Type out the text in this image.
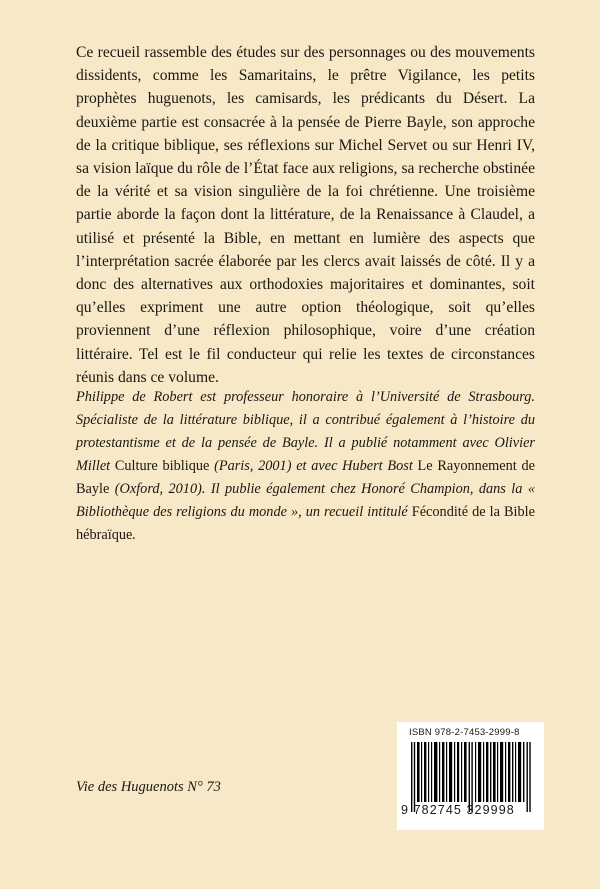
Ce recueil rassemble des études sur des personnages ou des mouvements dissidents, comme les Samaritains, le prêtre Vigilance, les petits prophètes huguenots, les camisards, les prédicants du Désert. La deuxième partie est consacrée à la pensée de Pierre Bayle, son approche de la critique biblique, ses réflexions sur Michel Servet ou sur Henri IV, sa vision laïque du rôle de l’État face aux religions, sa recherche obstinée de la vérité et sa vision singulière de la foi chrétienne. Une troisième partie aborde la façon dont la littérature, de la Renaissance à Claudel, a utilisé et présenté la Bible, en mettant en lumière des aspects que l’interprétation sacrée élaborée par les clercs avait laissés de côté. Il y a donc des alternatives aux orthodoxies majoritaires et dominantes, soit qu’elles expriment une autre option théologique, soit qu’elles proviennent d’une réflexion philosophique, voire d’une création littéraire. Tel est le fil conducteur qui relie les textes de circonstances réunis dans ce volume.

Philippe de Robert est professeur honoraire à l’Université de Strasbourg. Spécialiste de la littérature biblique, il a contribué également à l’histoire du protestantisme et de la pensée de Bayle. Il a publié notamment avec Olivier Millet Culture biblique (Paris, 2001) et avec Hubert Bost Le Rayonnement de Bayle (Oxford, 2010). Il publie également chez Honoré Champion, dans la « Bibliothèque des religions du monde », un recueil intitulé Fécondité de la Bible hébraïque.

Vie des Huguenots N° 73

ISBN 978-2-7453-2999-8
9 782745 329998
